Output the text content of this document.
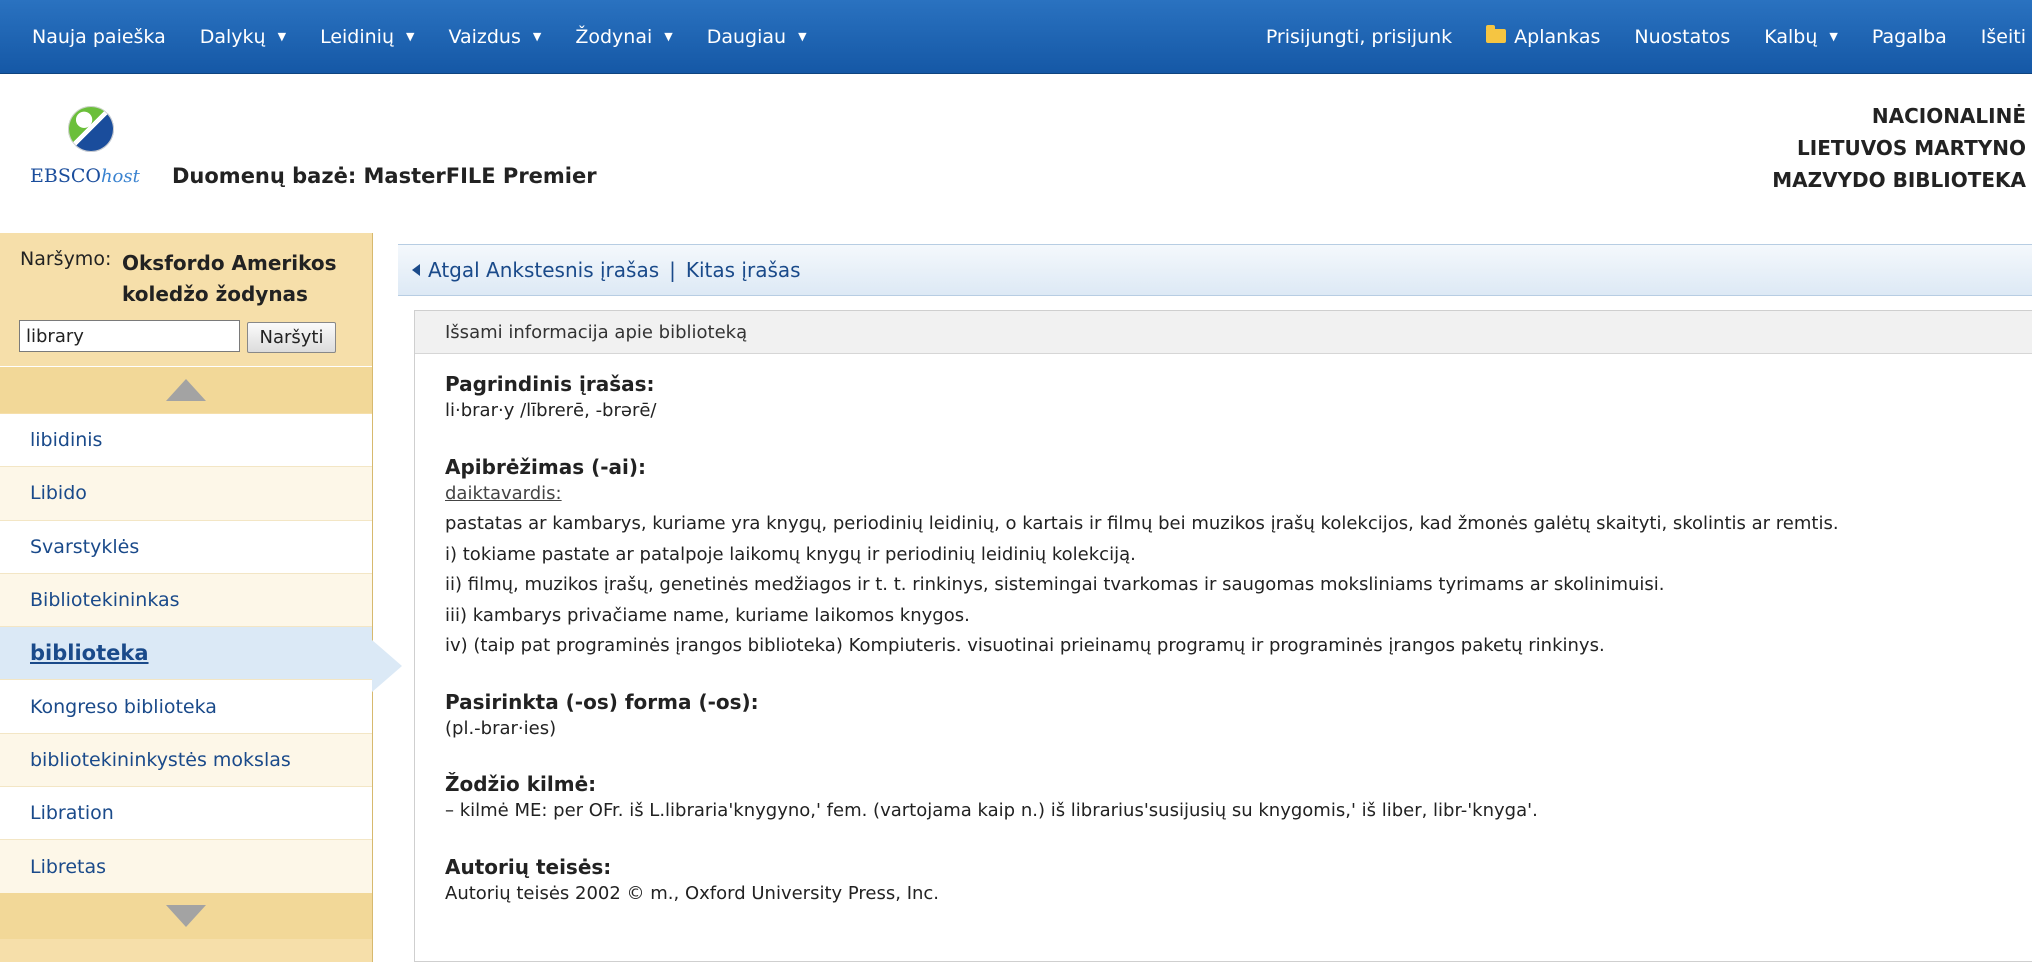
Nauja paieška Dalykų ▼ Leidinių ▼ Vaizdus ▼ Žodynai ▼ Daugiau ▼	Prisijungti, prisijunk	Aplankas Nuostatos Kalbų ▼ Pagalba Išeiti
EBSCOhost Duomenų bazė: MasterFILE Premier
NACIONALINĖ
LIETUVOS MARTYNO
MAZVYDO BIBLIOTEKA
Naršymo: Oksfordo Amerikos koledžo žodynas
library
Naršyti
libidinis
Libido
Svarstyklės
Bibliotekininkas
biblioteka
Kongreso biblioteka
bibliotekininkystės mokslas
Libration
Libretas
Atgal
Ankstesnis įrašas | Kitas įrašas
Išsami informacija apie biblioteką
Pagrindinis įrašas:
li·brar·y /lībrerē, -brərē/
Apibrėžimas (-ai):
daiktavardis:
pastatas ar kambarys, kuriame yra knygų, periodinių leidinių, o kartais ir filmų bei muzikos įrašų kolekcijos, kad žmonės galėtų skaityti, skolintis ar remtis.
i) tokiame pastate ar patalpoje laikomų knygų ir periodinių leidinių kolekciją.
ii) filmų, muzikos įrašų, genetinės medžiagos ir t. t. rinkinys, sistemingai tvarkomas ir saugomas moksliniams tyrimams ar skolinimuisi.
iii) kambarys privačiame name, kuriame laikomos knygos.
iv) (taip pat programinės įrangos biblioteka) Kompiuteris. visuotinai prieinamų programų ir programinės įrangos paketų rinkinys.
Pasirinkta (-os) forma (-os):
(pl.-brar·ies)
Žodžio kilmė:
– kilmė ME: per OFr. iš L.libraria'knygyno,' fem. (vartojama kaip n.) iš librarius'susijusių su knygomis,' iš liber, libr-'knyga'.
Autorių teisės:
Autorių teisės 2002 © m., Oxford University Press, Inc.
